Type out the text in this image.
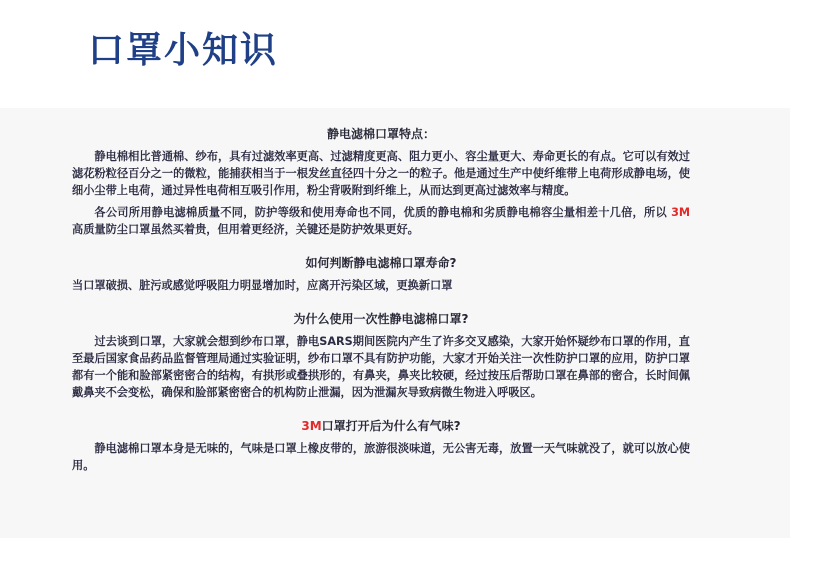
口罩小知识

静电滤棉口罩特点：

静电棉相比普通棉、纱布，具有过滤效率更高、过滤精度更高、阻力更小、容尘量更大、寿命更长的有点。它可以有效过滤花粉粒径百分之一的微粒，能捕获相当于一根发丝直径四十分之一的粒子。他是通过生产中使纤维带上电荷形成静电场，使细小尘带上电荷，通过异性电荷相互吸引作用，粉尘背吸附到纤维上，从而达到更高过滤效率与精度。

各公司所用静电滤棉质量不同，防护等级和使用寿命也不同，优质的静电棉和劣质静电棉容尘量相差十几倍，所以 3M 高质量防尘口罩虽然买着贵，但用着更经济，关键还是防护效果更好。

如何判断静电滤棉口罩寿命?

当口罩破损、脏污或感觉呼吸阻力明显增加时，应离开污染区域，更换新口罩

为什么使用一次性静电滤棉口罩?

过去谈到口罩，大家就会想到纱布口罩，静电SARS期间医院内产生了许多交叉感染，大家开始怀疑纱布口罩的作用，直至最后国家食品药品监督管理局通过实验证明，纱布口罩不具有防护功能，大家才开始关注一次性防护口罩的应用，防护口罩都有一个能和脸部紧密密合的结构，有拱形或叠拱形的，有鼻夹，鼻夹比较硬，经过按压后帮助口罩在鼻部的密合，长时间佩戴鼻夹不会变松，确保和脸部紧密密合的机构防止泄漏，因为泄漏灰导致病微生物进入呼吸区。

3M口罩打开后为什么有气味?

静电滤棉口罩本身是无味的，气味是口罩上橡皮带的，旅游很淡味道，无公害无毒，放置一天气味就没了，就可以放心使用。
